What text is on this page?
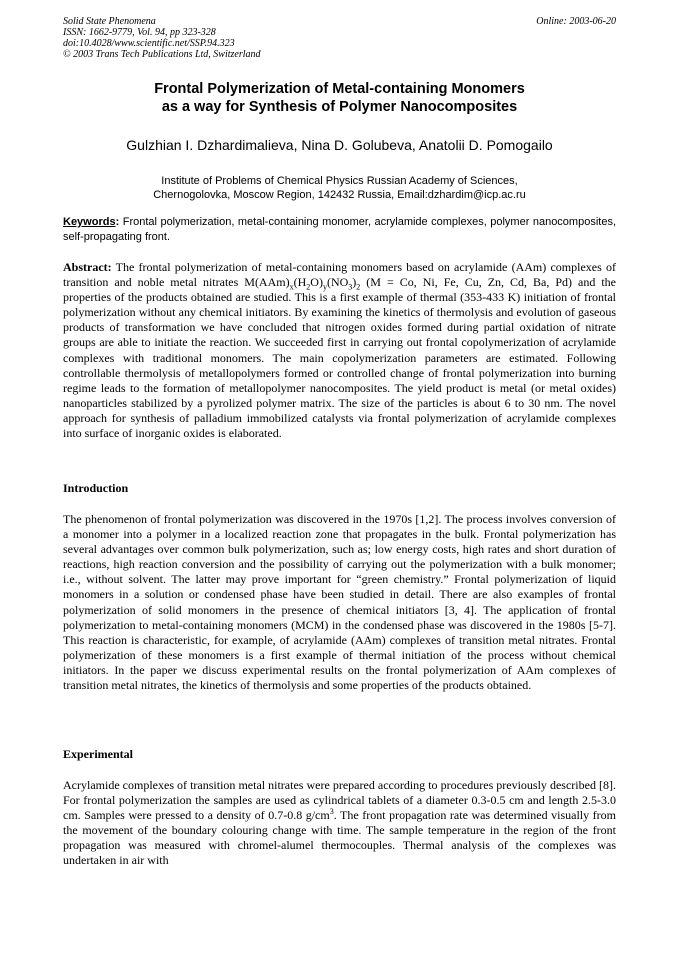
Solid State Phenomena
ISSN: 1662-9779, Vol. 94, pp 323-328
doi:10.4028/www.scientific.net/SSP.94.323
© 2003 Trans Tech Publications Ltd, Switzerland
Online: 2003-06-20
Frontal Polymerization of Metal-containing Monomers
as a way for Synthesis of Polymer Nanocomposites
Gulzhian I. Dzhardimalieva, Nina D. Golubeva, Anatolii D. Pomogailo
Institute of Problems of Chemical Physics Russian Academy of Sciences,
Chernogolovka, Moscow Region, 142432 Russia, Email:dzhardim@icp.ac.ru

Keywords: Frontal polymerization, metal-containing monomer, acrylamide complexes, polymer nanocomposites, self-propagating front.

Abstract: The frontal polymerization of metal-containing monomers based on acrylamide (AAm) complexes of transition and noble metal nitrates $M(AAm)_x(H_2O)_y(NO_3)_2$ (M = Co, Ni, Fe, Cu, Zn, Cd, Ba, Pd) and the properties of the products obtained are studied. This is a first example of thermal (353-433 K) initiation of frontal polymerization without any chemical initiators. By examining the kinetics of thermolysis and evolution of gaseous products of transformation we have concluded that nitrogen oxides formed during partial oxidation of nitrate groups are able to initiate the reaction. We succeeded first in carrying out frontal copolymerization of acrylamide complexes with traditional monomers. The main copolymerization parameters are estimated. Following controllable thermolysis of metallopolymers formed or controlled change of frontal polymerization into burning regime leads to the formation of metallopolymer nanocomposites. The yield product is metal (or metal oxides) nanoparticles stabilized by a pyrolized polymer matrix. The size of the particles is about 6 to 30 nm. The novel approach for synthesis of palladium immobilized catalysts via frontal polymerization of acrylamide complexes into surface of inorganic oxides is elaborated.

Introduction

The phenomenon of frontal polymerization was discovered in the 1970s [1,2]. The process involves conversion of a monomer into a polymer in a localized reaction zone that propagates in the bulk. Frontal polymerization has several advantages over common bulk polymerization, such as; low energy costs, high rates and short duration of reactions, high reaction conversion and the possibility of carrying out the polymerization with a bulk monomer; i.e., without solvent. The latter may prove important for “green chemistry.” Frontal polymerization of liquid monomers in a solution or condensed phase have been studied in detail. There are also examples of frontal polymerization of solid monomers in the presence of chemical initiators [3, 4]. The application of frontal polymerization to metal-containing monomers (MCM) in the condensed phase was discovered in the 1980s [5-7]. This reaction is characteristic, for example, of acrylamide (AAm) complexes of transition metal nitrates. Frontal polymerization of these monomers is a first example of thermal initiation of the process without chemical initiators. In the paper we discuss experimental results on the frontal polymerization of AAm complexes of transition metal nitrates, the kinetics of thermolysis and some properties of the products obtained.

Experimental

Acrylamide complexes of transition metal nitrates were prepared according to procedures previously described [8]. For frontal polymerization the samples are used as cylindrical tablets of a diameter 0.3-0.5 cm and length 2.5-3.0 cm. Samples were pressed to a density of 0.7-0.8 $g/cm^3$. The front propagation rate was determined visually from the movement of the boundary colouring change with time. The sample temperature in the region of the front propagation was measured with chromel-alumel thermocouples. Thermal analysis of the complexes was undertaken in air with
